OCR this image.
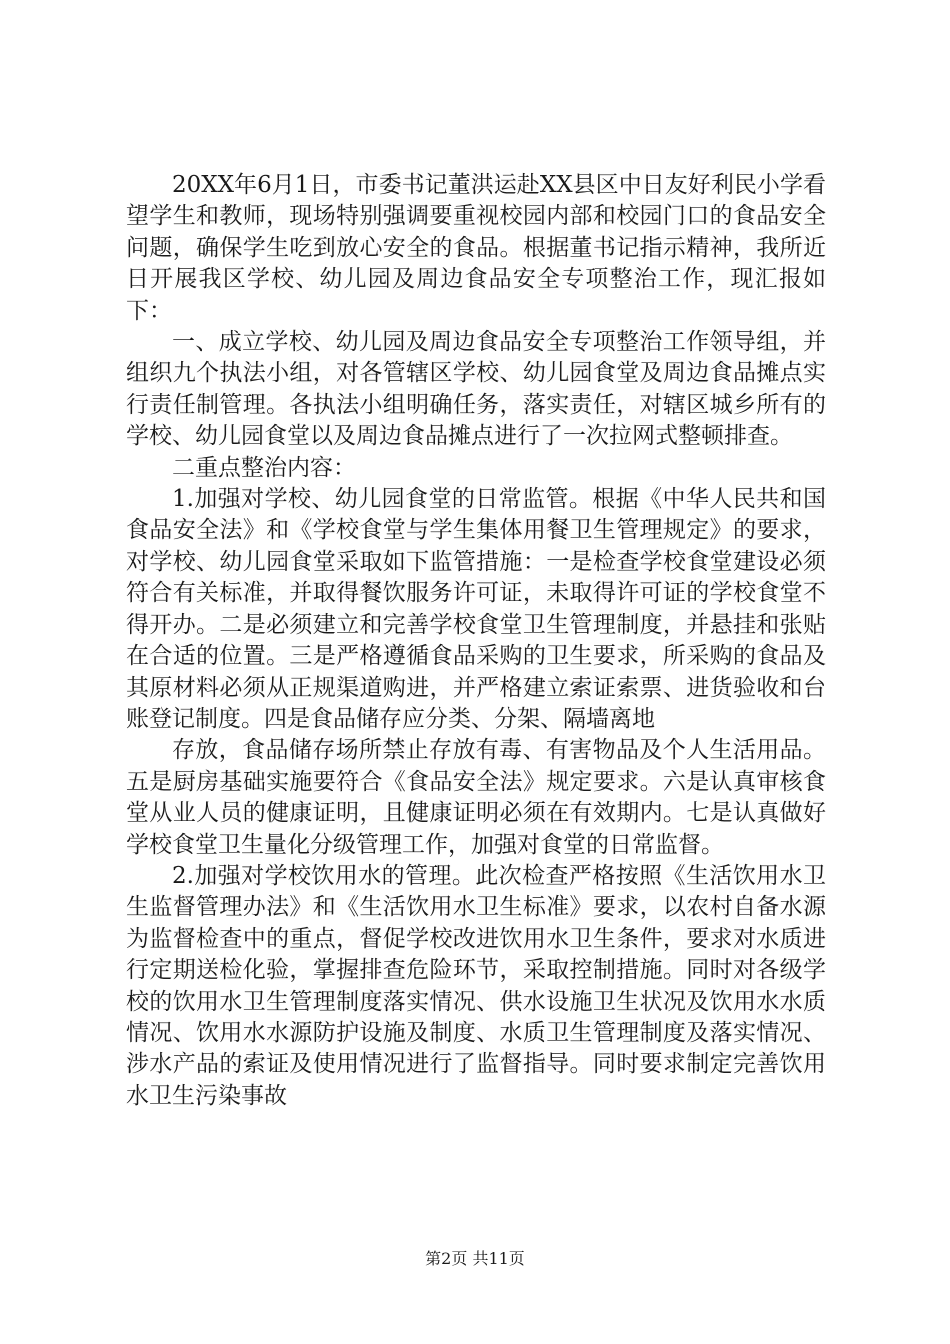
20XX年6月1日，市委书记董洪运赴XX县区中日友好利民小学看望学生和教师，现场特别强调要重视校园内部和校园门口的食品安全问题，确保学生吃到放心安全的食品。根据董书记指示精神，我所近日开展我区学校、幼儿园及周边食品安全专项整治工作，现汇报如下：

一、成立学校、幼儿园及周边食品安全专项整治工作领导组，并组织九个执法小组，对各管辖区学校、幼儿园食堂及周边食品摊点实行责任制管理。各执法小组明确任务，落实责任，对辖区城乡所有的学校、幼儿园食堂以及周边食品摊点进行了一次拉网式整顿排查。

二重点整治内容：

1.加强对学校、幼儿园食堂的日常监管。根据《中华人民共和国食品安全法》和《学校食堂与学生集体用餐卫生管理规定》的要求，对学校、幼儿园食堂采取如下监管措施：一是检查学校食堂建设必须符合有关标准，并取得餐饮服务许可证，未取得许可证的学校食堂不得开办。二是必须建立和完善学校食堂卫生管理制度，并悬挂和张贴在合适的位置。三是严格遵循食品采购的卫生要求，所采购的食品及其原材料必须从正规渠道购进，并严格建立索证索票、进货验收和台账登记制度。四是食品储存应分类、分架、隔墙离地

存放，食品储存场所禁止存放有毒、有害物品及个人生活用品。五是厨房基础实施要符合《食品安全法》规定要求。六是认真审核食堂从业人员的健康证明，且健康证明必须在有效期内。七是认真做好学校食堂卫生量化分级管理工作，加强对食堂的日常监督。

2.加强对学校饮用水的管理。此次检查严格按照《生活饮用水卫生监督管理办法》和《生活饮用水卫生标准》要求，以农村自备水源为监督检查中的重点，督促学校改进饮用水卫生条件，要求对水质进行定期送检化验，掌握排查危险环节，采取控制措施。同时对各级学校的饮用水卫生管理制度落实情况、供水设施卫生状况及饮用水水质情况、饮用水水源防护设施及制度、水质卫生管理制度及落实情况、涉水产品的索证及使用情况进行了监督指导。同时要求制定完善饮用水卫生污染事故

第2页 共11页
